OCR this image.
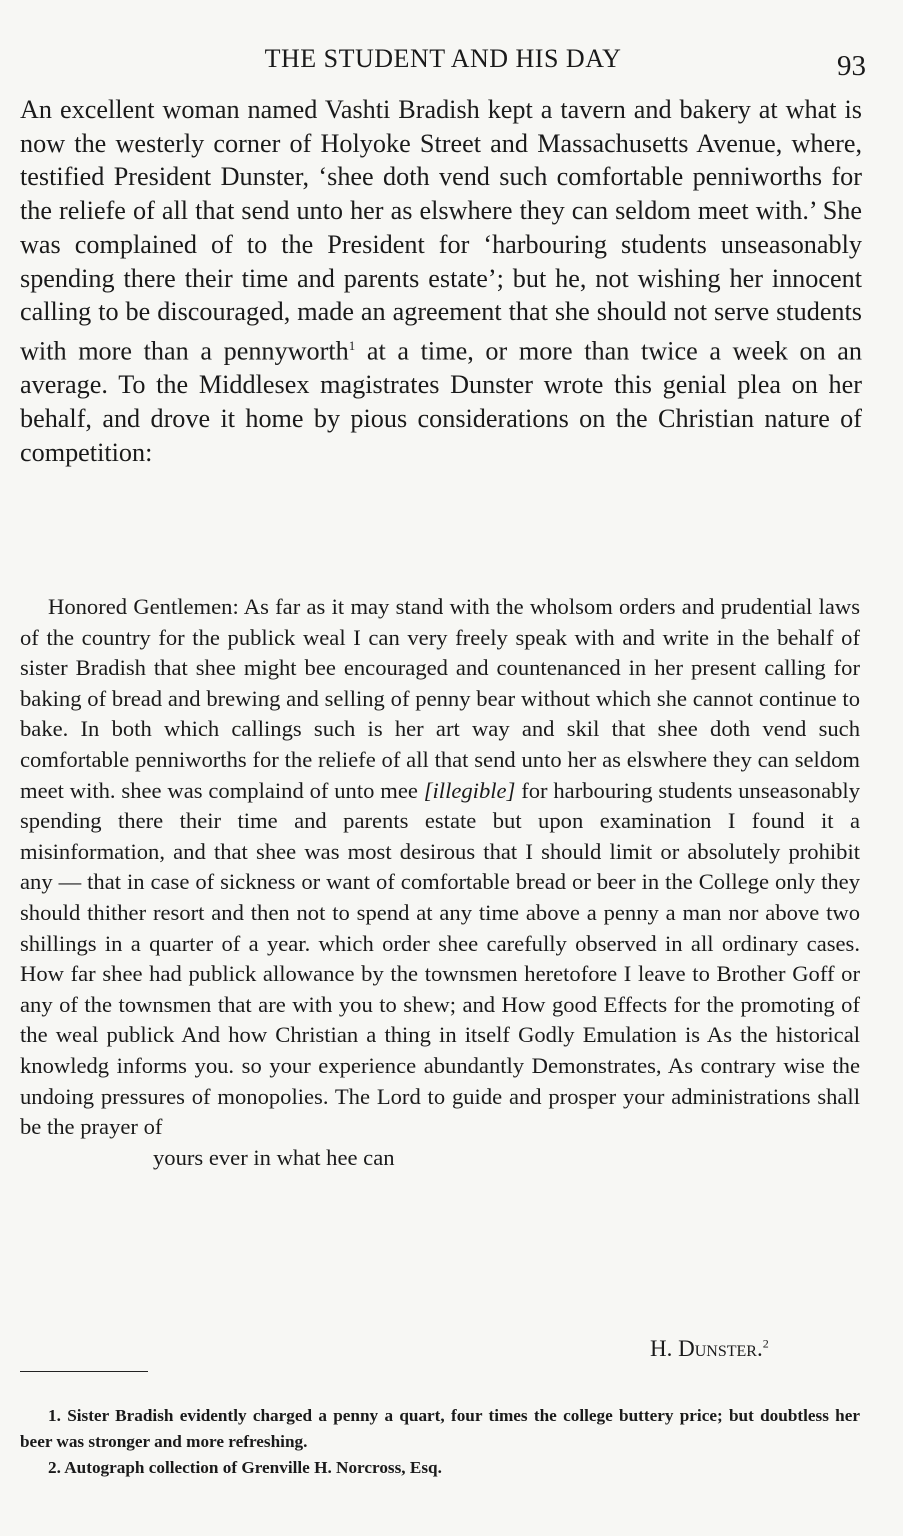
THE STUDENT AND HIS DAY	93

An excellent woman named Vashti Bradish kept a tavern and bakery at what is now the westerly corner of Holyoke Street and Massachusetts Avenue, where, testified President Dunster, ‘shee doth vend such comfortable penniworths for the reliefe of all that send unto her as elswhere they can seldom meet with.’ She was complained of to the President for ‘harbouring students unseasonably spending there their time and parents estate’; but he, not wishing her innocent calling to be discouraged, made an agreement that she should not serve students with more than a pennyworth$^1$ at a time, or more than twice a week on an average. To the Middlesex magistrates Dunster wrote this genial plea on her behalf, and drove it home by pious considerations on the Christian nature of competition:

Honored Gentlemen: As far as it may stand with the wholsom orders and prudential laws of the country for the publick weal I can very freely speak with and write in the behalf of sister Bradish that shee might bee encouraged and countenanced in her present calling for baking of bread and brewing and selling of penny bear without which she cannot continue to bake. In both which callings such is her art way and skil that shee doth vend such comfortable penniworths for the reliefe of all that send unto her as elswhere they can seldom meet with. shee was complaind of unto mee [illegible] for harbouring students unseasonably spending there their time and parents estate but upon examination I found it a misinformation, and that shee was most desirous that I should limit or absolutely prohibit any — that in case of sickness or want of comfortable bread or beer in the College only they should thither resort and then not to spend at any time above a penny a man nor above two shillings in a quarter of a year. which order shee carefully observed in all ordinary cases. How far shee had publick allowance by the townsmen heretofore I leave to Brother Goff or any of the townsmen that are with you to shew; and How good Effects for the promoting of the weal publick And how Christian a thing in itself Godly Emulation is As the historical knowledg informs you. so your experience abundantly Demonstrates, As contrary wise the undoing pressures of monopolies. The Lord to guide and prosper your administrations shall be the prayer of

yours ever in what hee can

H. Dunster.$^2$

1. Sister Bradish evidently charged a penny a quart, four times the college buttery price; but doubtless her beer was stronger and more refreshing.

2. Autograph collection of Grenville H. Norcross, Esq.
